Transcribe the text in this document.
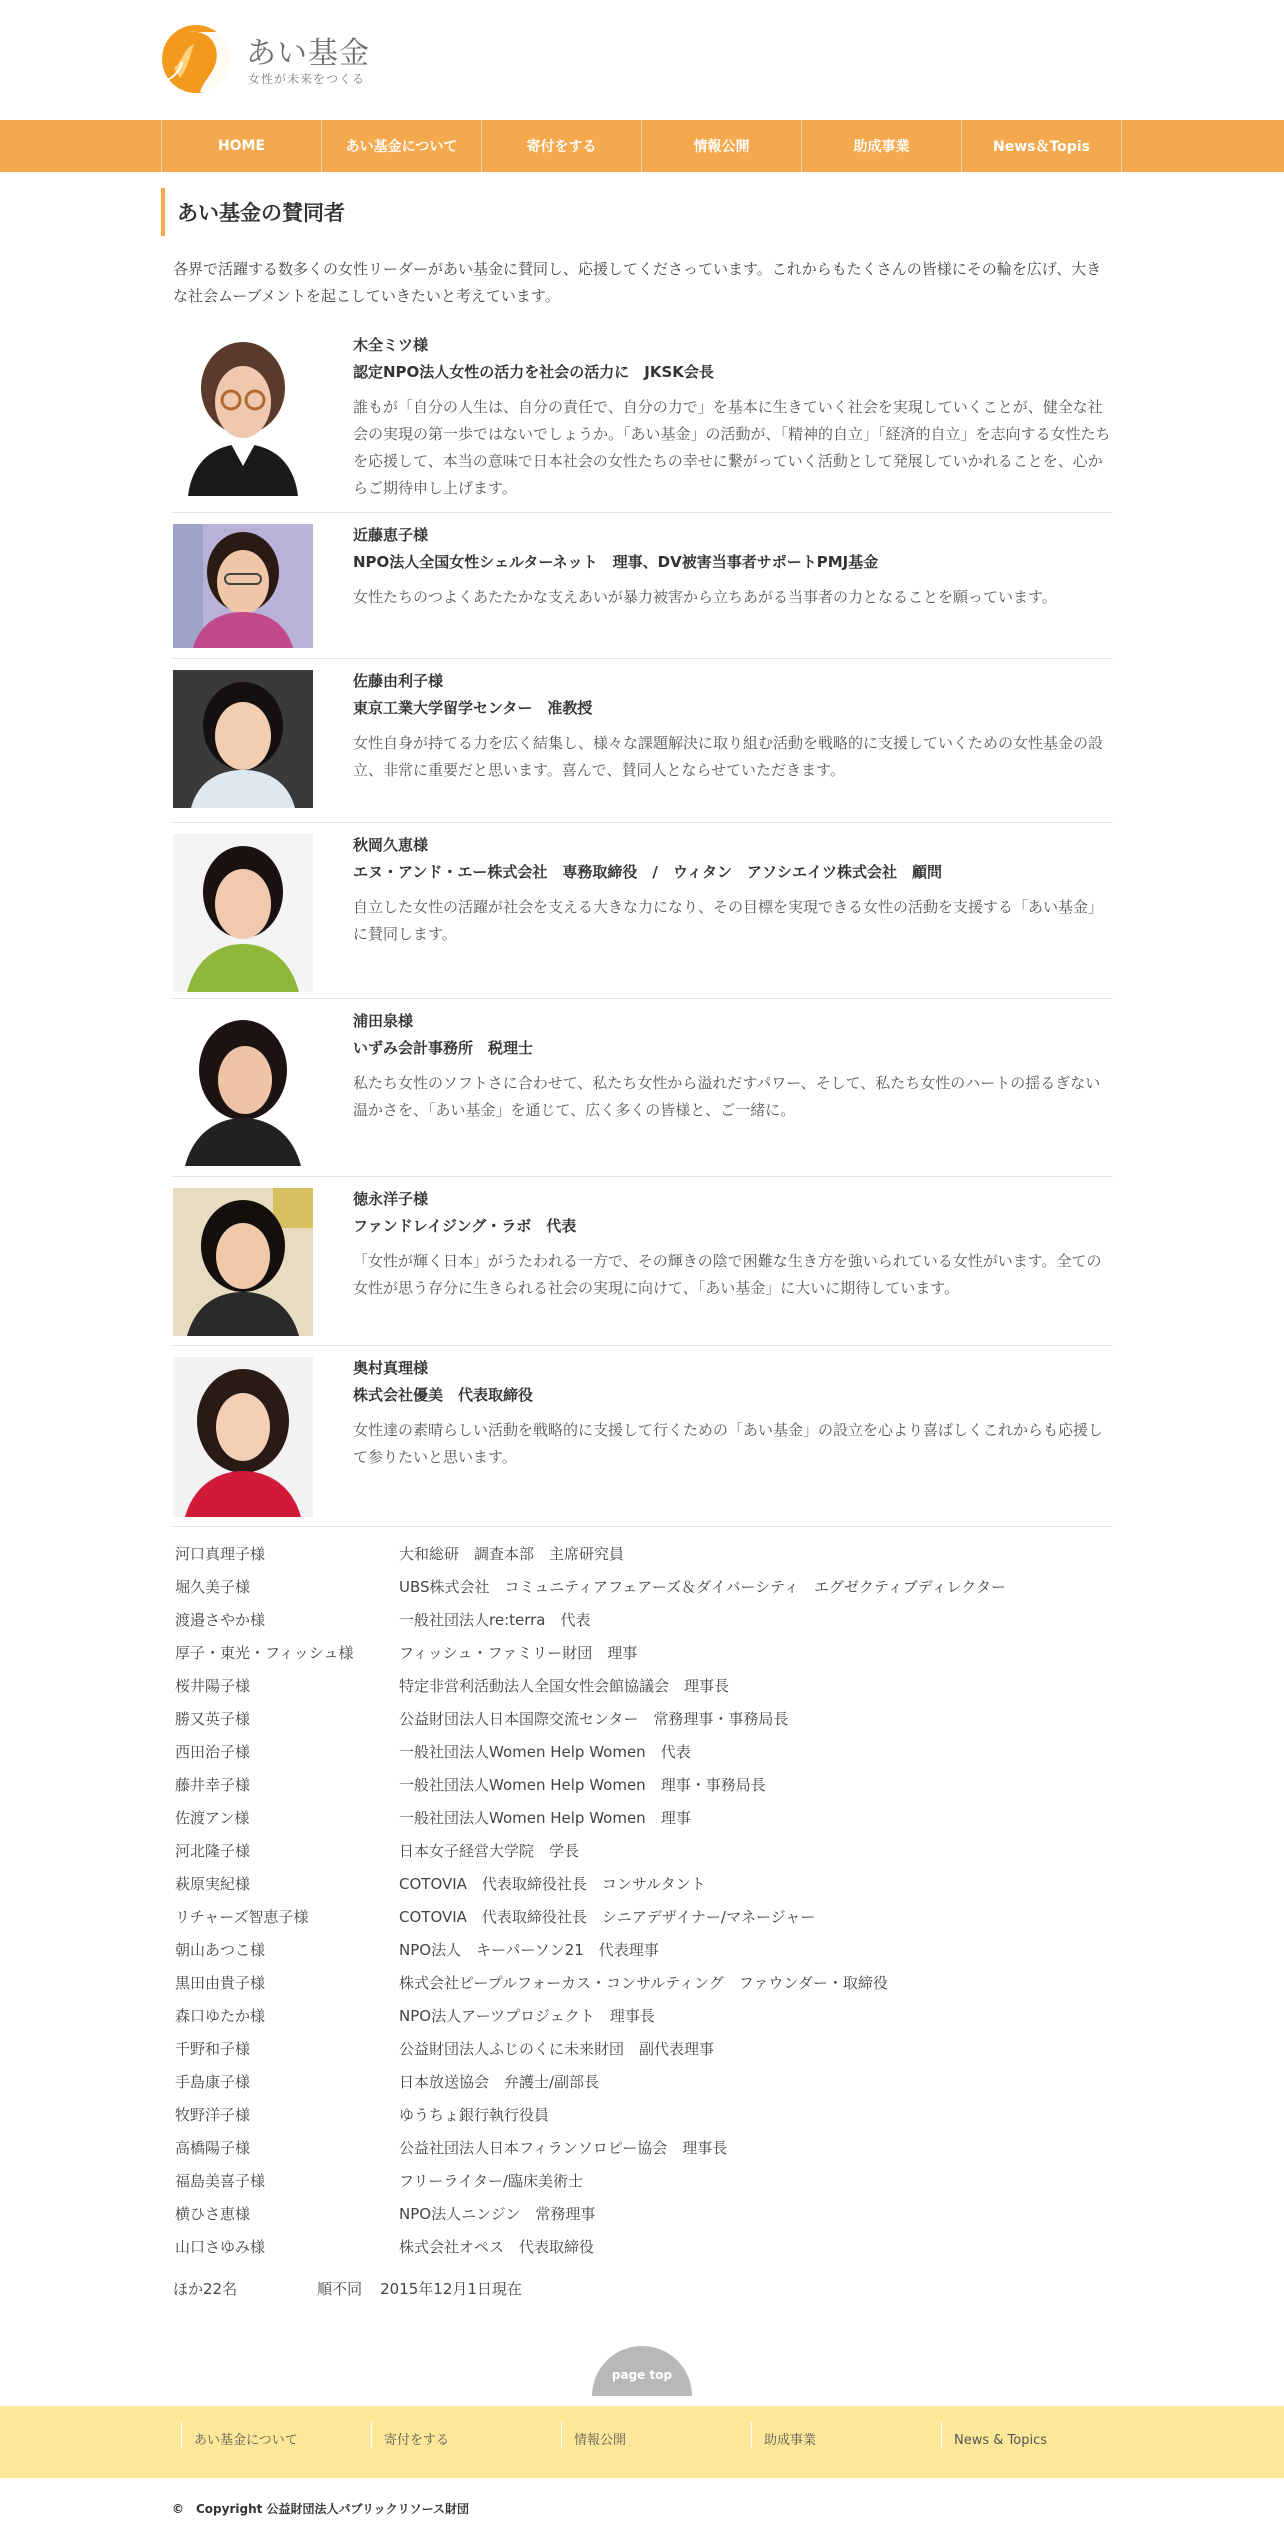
あい基金
女性が未来をつくる
HOME	あい基金について	寄付をする	情報公開	助成事業	News＆Topis
あい基金の賛同者

各界で活躍する数多くの女性リーダーがあい基金に賛同し、応援してくださっています。これからもたくさんの皆様にその輪を広げ、大きな社会ムーブメントを起こしていきたいと考えています。

木全ミツ様
認定NPO法人女性の活力を社会の活力に　JKSK会長
誰もが「自分の人生は、自分の責任で、自分の力で」を基本に生きていく社会を実現していくことが、健全な社会の実現の第一歩ではないでしょうか。「あい基金」の活動が、「精神的自立」「経済的自立」を志向する女性たちを応援して、本当の意味で日本社会の女性たちの幸せに繋がっていく活動として発展していかれることを、心からご期待申し上げます。
近藤恵子様
NPO法人全国女性シェルターネット　理事、DV被害当事者サポートPMJ基金
女性たちのつよくあたたかな支えあいが暴力被害から立ちあがる当事者の力となることを願っています。
佐藤由利子様
東京工業大学留学センター　准教授
女性自身が持てる力を広く結集し、様々な課題解決に取り組む活動を戦略的に支援していくための女性基金の設立、非常に重要だと思います。喜んで、賛同人とならせていただきます。
秋岡久恵様
エヌ・アンド・エー株式会社　専務取締役　/　ウィタン　アソシエイツ株式会社　顧問
自立した女性の活躍が社会を支える大きな力になり、その目標を実現できる女性の活動を支援する「あい基金」に賛同します。
浦田泉様
いずみ会計事務所　税理士
私たち女性のソフトさに合わせて、私たち女性から溢れだすパワー、そして、私たち女性のハートの揺るぎない温かさを、「あい基金」を通じて、広く多くの皆様と、ご一緒に。
徳永洋子様
ファンドレイジング・ラボ　代表
「女性が輝く日本」がうたわれる一方で、その輝きの陰で困難な生き方を強いられている女性がいます。全ての女性が思う存分に生きられる社会の実現に向けて、「あい基金」に大いに期待しています。
奥村真理様
株式会社優美　代表取締役
女性達の素晴らしい活動を戦略的に支援して行くための「あい基金」の設立を心より喜ばしくこれからも応援して参りたいと思います。
河口真理子様	大和総研　調査本部　主席研究員
堀久美子様	UBS株式会社　コミュニティアフェアーズ＆ダイバーシティ　エグゼクティブディレクター
渡邉さやか様	一般社団法人re:terra　代表
厚子・東光・フィッシュ様	フィッシュ・ファミリー財団　理事
桜井陽子様	特定非営利活動法人全国女性会館協議会　理事長
勝又英子様	公益財団法人日本国際交流センター　常務理事・事務局長
西田治子様	一般社団法人Women Help Women　代表
藤井幸子様	一般社団法人Women Help Women　理事・事務局長
佐渡アン様	一般社団法人Women Help Women　理事
河北隆子様	日本女子経営大学院　学長
萩原実紀様	COTOVIA　代表取締役社長　コンサルタント
リチャーズ智恵子様	COTOVIA　代表取締役社長　シニアデザイナー/マネージャー
朝山あつこ様	NPO法人　キーパーソン21　代表理事
黒田由貴子様	株式会社ピープルフォーカス・コンサルティング　ファウンダー・取締役
森口ゆたか様	NPO法人アーツプロジェクト　理事長
千野和子様	公益財団法人ふじのくに未来財団　副代表理事
手島康子様	日本放送協会　弁護士/副部長
牧野洋子様	ゆうちょ銀行執行役員
高橋陽子様	公益社団法人日本フィランソロピー協会　理事長
福島美喜子様	フリーライター/臨床美術士
横ひさ恵様	NPO法人ニンジン　常務理事
山口さゆみ様	株式会社オペス　代表取締役
ほか22名	順不同 2015年12月1日現在
page top
あい基金について	寄付をする	情報公開	助成事業	News & Topics
©　Copyright 公益財団法人パブリックリソース財団
